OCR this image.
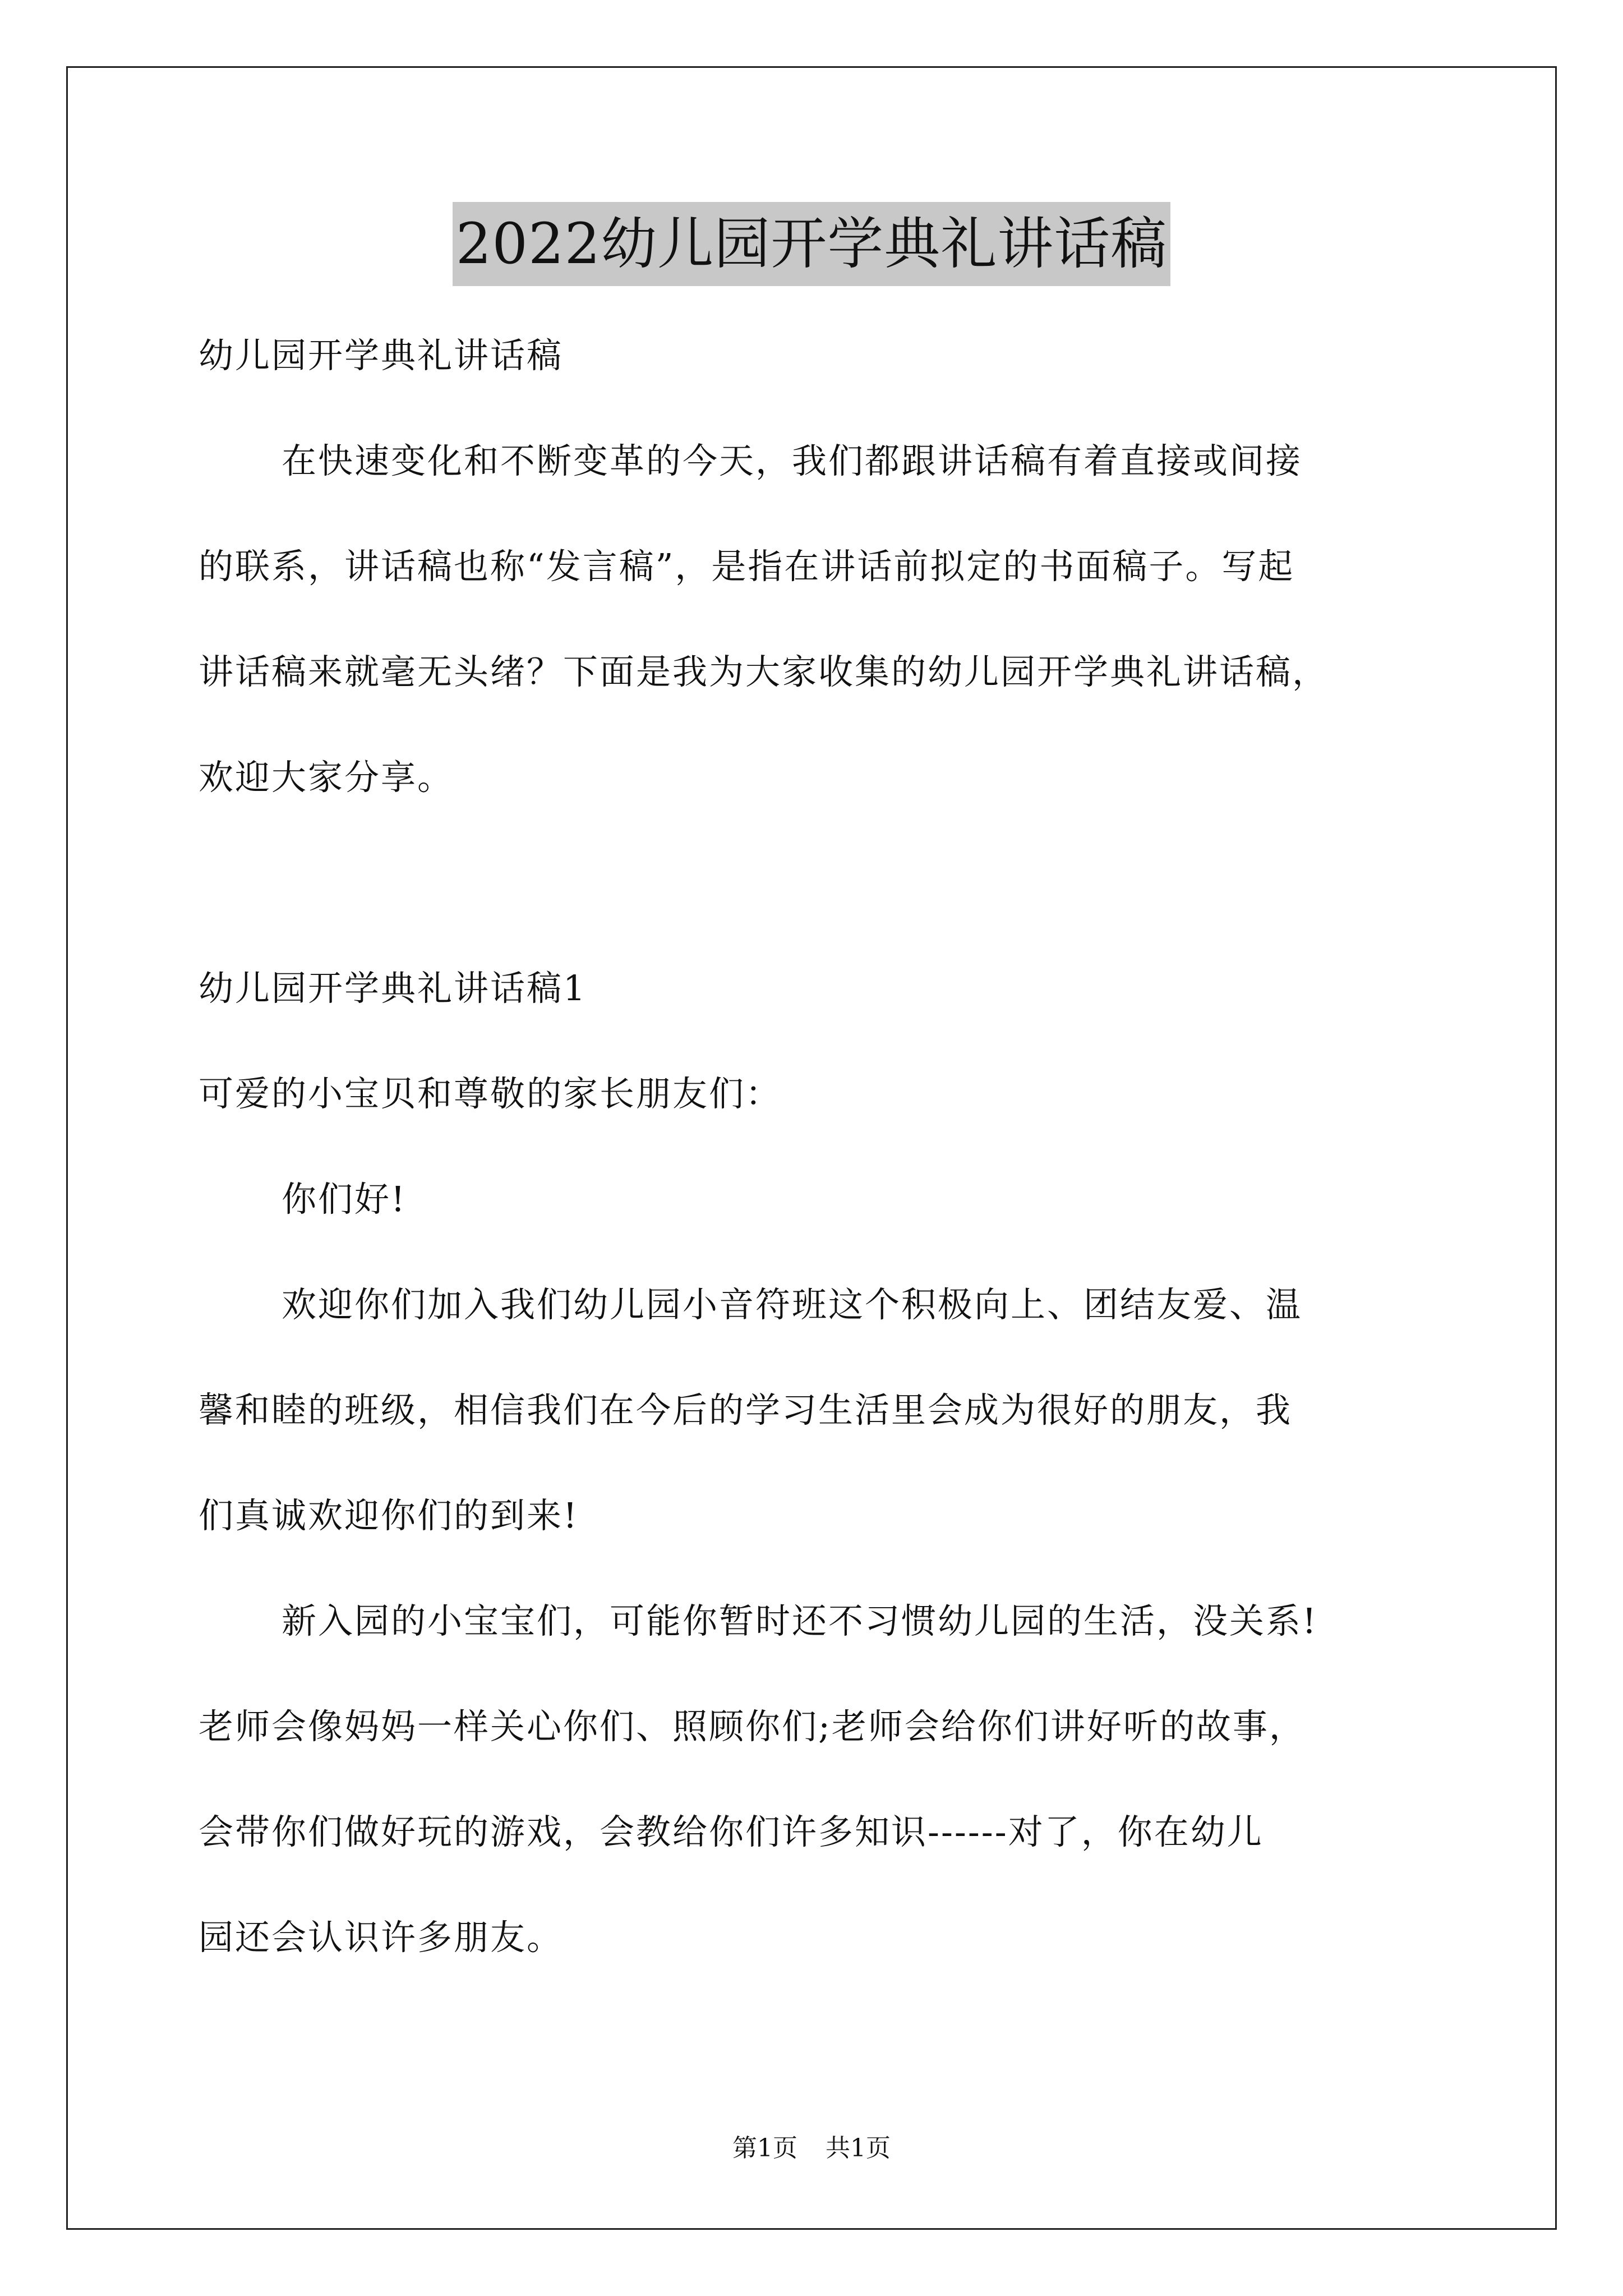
2022幼儿园开学典礼讲话稿
幼儿园开学典礼讲话稿
在快速变化和不断变革的今天，我们都跟讲话稿有着直接或间接
的联系，讲话稿也称“发言稿”，是指在讲话前拟定的书面稿子。写起
讲话稿来就毫无头绪？下面是我为大家收集的幼儿园开学典礼讲话稿，
欢迎大家分享。
幼儿园开学典礼讲话稿1
可爱的小宝贝和尊敬的家长朋友们：
你们好!
欢迎你们加入我们幼儿园小音符班这个积极向上、团结友爱、温
馨和睦的班级，相信我们在今后的学习生活里会成为很好的朋友，我
们真诚欢迎你们的到来!
新入园的小宝宝们，可能你暂时还不习惯幼儿园的生活，没关系!
老师会像妈妈一样关心你们、照顾你们;老师会给你们讲好听的故事，
会带你们做好玩的游戏，会教给你们许多知识------对了，你在幼儿
园还会认识许多朋友。
第1页 共1页
